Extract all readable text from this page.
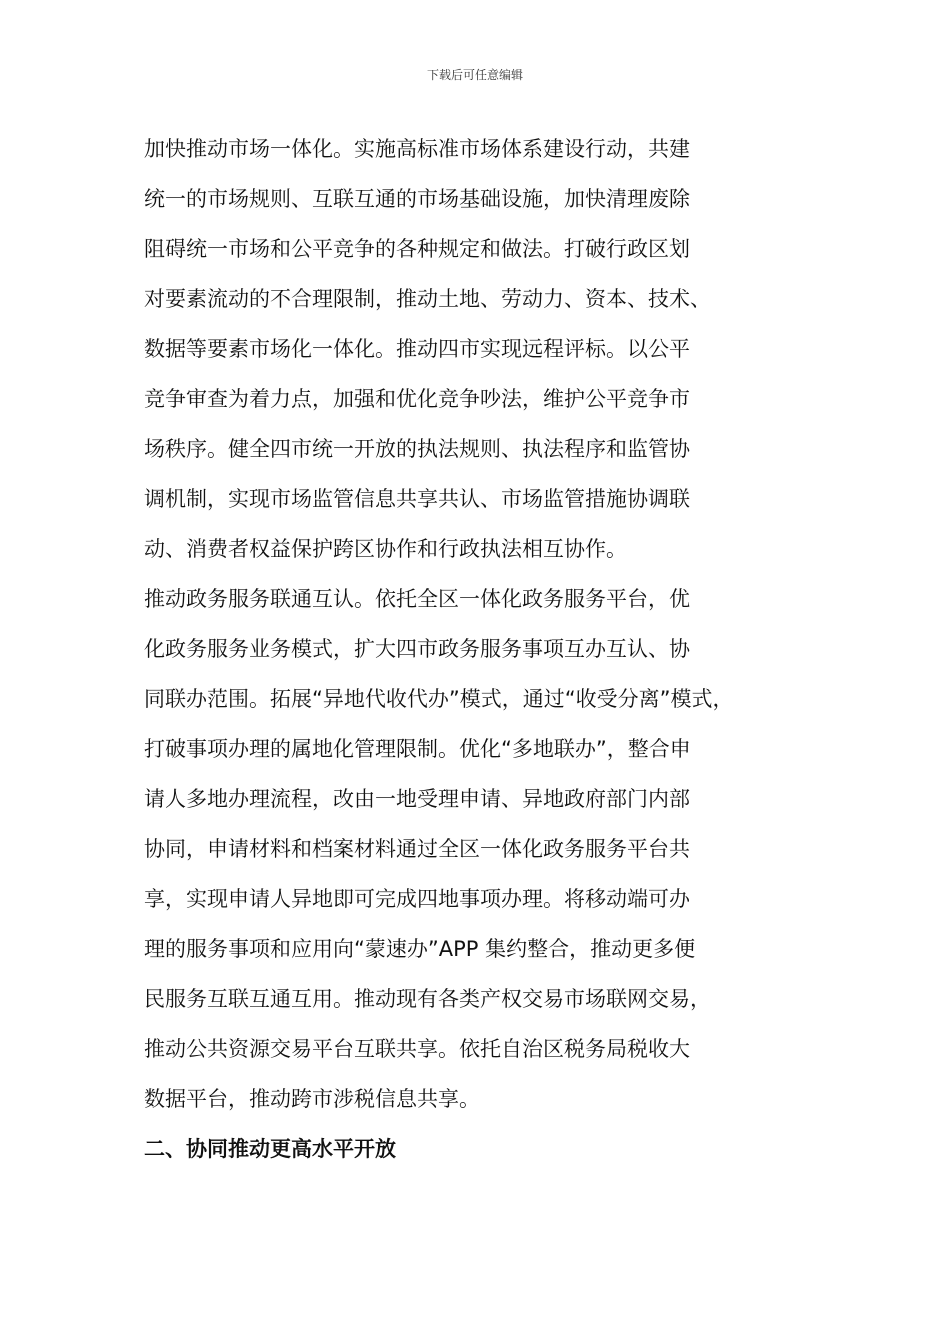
下载后可任意编辑
加快推动市场一体化。实施高标准市场体系建设行动，共建
统一的市场规则、互联互通的市场基础设施，加快清理废除
阻碍统一市场和公平竞争的各种规定和做法。打破行政区划
对要素流动的不合理限制，推动土地、劳动力、资本、技术、
数据等要素市场化一体化。推动四市实现远程评标。以公平
竞争审查为着力点，加强和优化竞争吵法，维护公平竞争市
场秩序。健全四市统一开放的执法规则、执法程序和监管协
调机制，实现市场监管信息共享共认、市场监管措施协调联
动、消费者权益保护跨区协作和行政执法相互协作。
推动政务服务联通互认。依托全区一体化政务服务平台，优
化政务服务业务模式，扩大四市政务服务事项互办互认、协
同联办范围。拓展“异地代收代办”模式，通过“收受分离”模式，
打破事项办理的属地化管理限制。优化“多地联办”，整合申
请人多地办理流程，改由一地受理申请、异地政府部门内部
协同，申请材料和档案材料通过全区一体化政务服务平台共
享，实现申请人异地即可完成四地事项办理。将移动端可办
理的服务事项和应用向“蒙速办”APP 集约整合，推动更多便
民服务互联互通互用。推动现有各类产权交易市场联网交易，
推动公共资源交易平台互联共享。依托自治区税务局税收大
数据平台，推动跨市涉税信息共享。
二、协同推动更高水平开放
